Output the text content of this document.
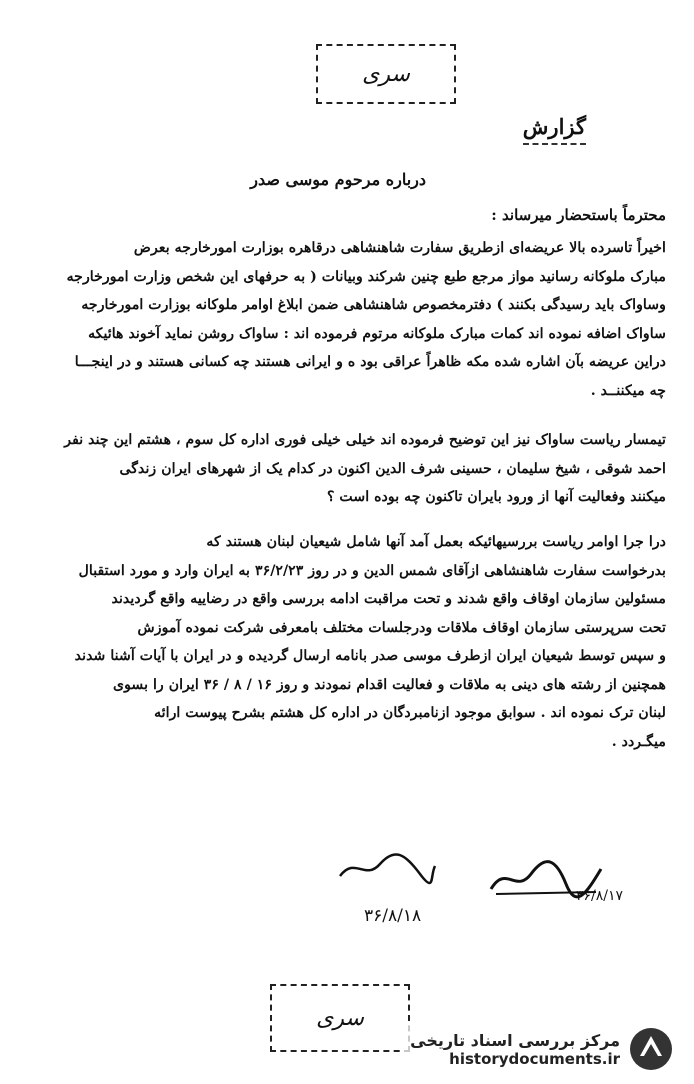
سری
گزارش
درباره مرحوم موسی صدر
محترماً باستحضار میرساند :
اخیراً تاسرده بالا عریضه‌ای ازطریق سفارت شاهنشاهی درقاهره بوزارت امورخارجه بعرض
مبارک ملوکانه رسانید مواز مرجع طبع چنین شرکند وبیانات ( به حرفهای این شخص وزارت امورخارجه
وساواک باید رسیدگی بکنند ) دفترمخصوص شاهنشاهی ضمن ابلاغ اوامر ملوکانه بوزارت امورخارجه
ساواک اضافه نموده اند کمات مبارک ملوکانه مرتوم فرموده اند : ساواک روشن نماید آخوند هائیکه
دراین عریضه بآن اشاره شده مکه ظاهراً عراقی بود ه و ایرانی هستند چه کسانی هستند و در اینجـــا
چه میکننــد .
تیمسار ریاست ساواک نیز این توضیح فرموده اند خیلی خیلی فوری اداره کل سوم ، هشتم این چند نفر
احمد شوقی ، شیخ سلیمان ، حسینی شرف الدین اکنون در کدام یک از شهرهای ایران زندگی
میکنند وفعالیت آنها از ورود بایران تاکنون چه بوده است ؟
درا جرا اوامر ریاست بررسیهائیکه بعمل آمد آنها شامل شیعیان لبنان هستند که
بدرخواست سفارت شاهنشاهی ازآقای شمس الدین و در روز ۳۶/۲/۲۳ به ایران وارد و مورد استقبال
مسئولین سازمان اوقاف واقع شدند و تحت مراقبت ادامه بررسی واقع در رضاییه واقع گردیدند
تحت سرپرستی سازمان اوقاف ملاقات ودرجلسات مختلف بامعرفی شرکت نموده آموزش
و سپس توسط شیعیان ایران ازطرف موسی صدر بانامه ارسال گردیده و در ایران با آیات آشنا شدند
همچنین از رشته های دینی به ملاقات و فعالیت اقدام نمودند و روز ۱۶ / ۸ / ۳۶ ایران را بسوی
لبنان ترک نموده اند . سوابق موجود ازنامبردگان در اداره کل هشتم بشرح پیوست ارائه
میگـردد .
۳۶/۸/۱۷
۳۶/۸/۱۸
سری
مرکز بررسی اسناد تاریخی
historydocuments.ir
